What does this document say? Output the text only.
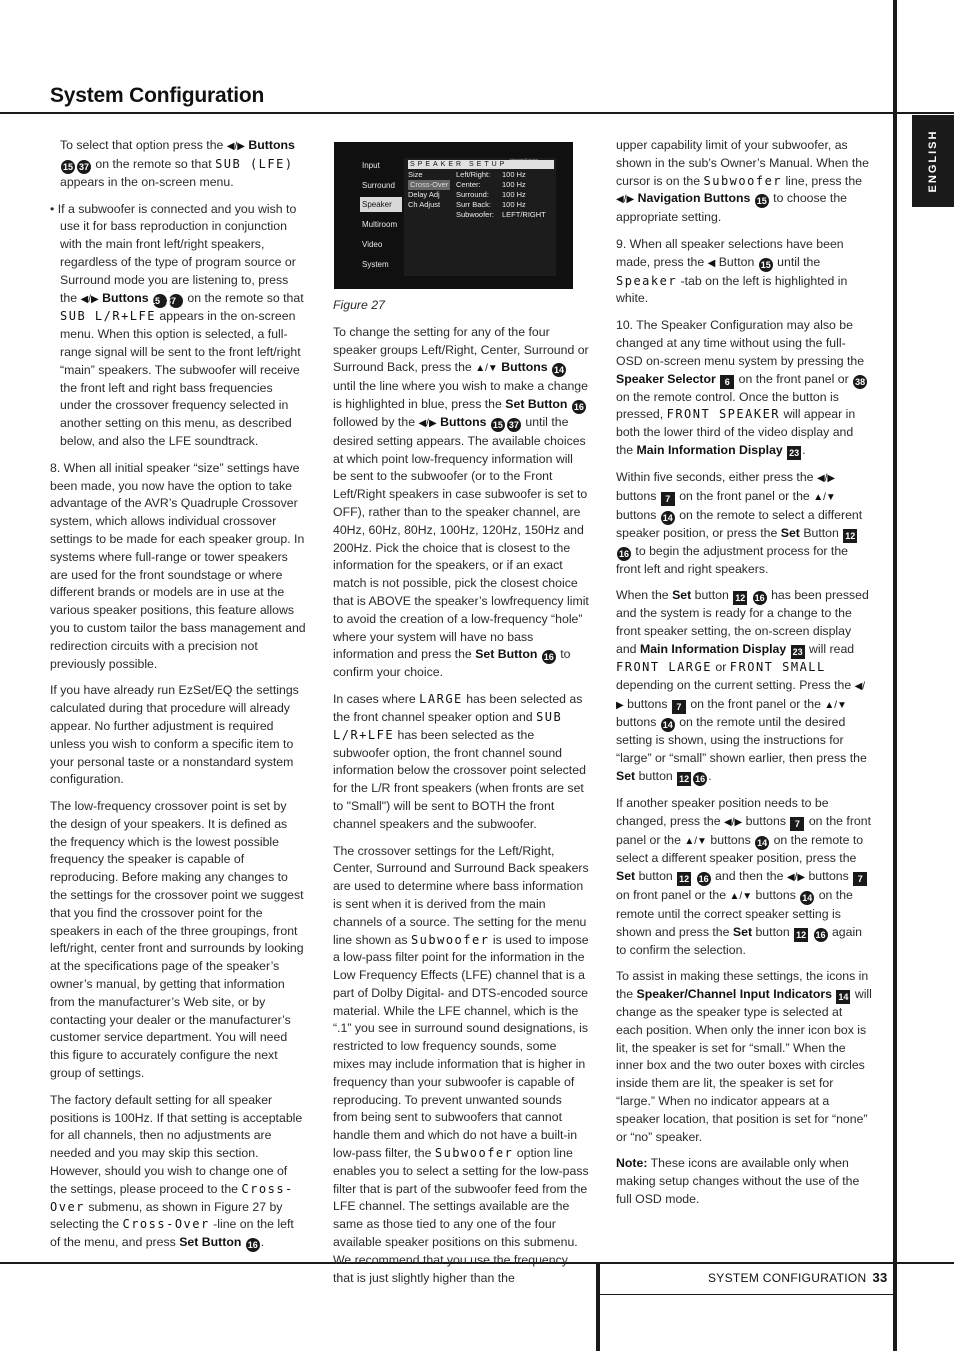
System Configuration
ENGLISH

To select that option press the ◀/▶ Buttons 15 37 on the remote so that SUB (LFE) appears in the on-screen menu.

• If a subwoofer is connected and you wish to use it for bass reproduction in conjunction with the main front left/right speakers, regardless of the type of program source or Surround mode you are listening to, press the ◀/▶ Buttons 15 37 on the remote so that SUB L/R+LFE appears in the on-screen menu. When this option is selected, a full-range signal will be sent to the front left/right “main” speakers. The subwoofer will receive the front left and right bass frequencies under the crossover frequency selected in another setting on this menu, as described below, and also the LFE soundtrack.

8. When all initial speaker “size” settings have been made, you now have the option to take advantage of the AVR’s Quadruple Crossover system, which allows individual crossover settings to be made for each speaker group. In systems where full-range or tower speakers are used for the front soundstage or where different brands or models are in use at the various speaker positions, this feature allows you to custom tailor the bass management and redirection circuits with a precision not previously possible.

If you have already run EzSet/EQ the settings calculated during that procedure will already appear. No further adjustment is required unless you wish to conform a specific item to your personal taste or a nonstandard system configuration.

The low-frequency crossover point is set by the design of your speakers. It is defined as the frequency which is the lowest possible frequency the speaker is capable of reproducing. Before making any changes to the settings for the crossover point we suggest that you find the crossover point for the speakers in each of the three groupings, front left/right, center front and surrounds by looking at the specifications page of the speaker’s owner’s manual, by getting that information from the manufacturer’s Web site, or by contacting your dealer or the manufacturer’s customer service department. You will need this figure to accurately configure the next group of settings.

The factory default setting for all speaker positions is 100Hz. If that setting is acceptable for all channels, then no adjustments are needed and you may skip this section. However, should you wish to change one of the settings, please proceed to the Cross-Over submenu, as shown in Figure 27 by selecting the Cross-Over -line on the left of the menu, and press Set Button 16 .

Input
Surround
Speaker
Multiroom
Video
System
SPEAKER SETUP
Size
Cross-Over
Delay Adj
Ch Adjust
Left/Right: 100 Hz
Center:	100 Hz
Surround: 100 Hz
Surr Back: 100 Hz
Subwoofer: LEFT/RIGHT

Figure 27

To change the setting for any of the four speaker groups Left/Right, Center, Surround or Surround Back, press the ▲/▼ Buttons 14 until the line where you wish to make a change is highlighted in blue, press the Set Button 16 followed by the ◀/▶ Buttons 15 37 until the desired setting appears. The available choices at which point low-frequency information will be sent to the subwoofer (or to the Front Left/Right speakers in case subwoofer is set to OFF), rather than to the speaker channel, are 40Hz, 60Hz, 80Hz, 100Hz, 120Hz, 150Hz and 200Hz. Pick the choice that is closest to the information for the speakers, or if an exact match is not possible, pick the closest choice that is ABOVE the speaker’s lowfrequency limit to avoid the creation of a low-frequency “hole” where your system will have no bass information and press the Set Button 16 to confirm your choice.

In cases where LARGE has been selected as the front channel speaker option and SUB L/R+LFE has been selected as the subwoofer option, the front channel sound information below the crossover point selected for the L/R front speakers (when fronts are set to "Small") will be sent to BOTH the front channel speakers and the subwoofer.

The crossover settings for the Left/Right, Center, Surround and Surround Back speakers are used to determine where bass information is sent when it is derived from the main channels of a source. The setting for the menu line shown as Subwoofer is used to impose a low-pass filter point for the information in the Low Frequency Effects (LFE) channel that is a part of Dolby Digital- and DTS-encoded source material. While the LFE channel, which is the “.1” you see in surround sound designations, is restricted to low frequency sounds, some mixes may include information that is higher in frequency than your subwoofer is capable of reproducing. To prevent unwanted sounds from being sent to subwoofers that cannot handle them and which do not have a built-in low-pass filter, the Subwoofer option line enables you to select a setting for the low-pass filter that is part of the subwoofer feed from the LFE channel. The settings available are the same as those tied to any one of the four available speaker positions on this submenu. We recommend that you use the frequency that is just slightly higher than the

upper capability limit of your subwoofer, as shown in the sub’s Owner’s Manual. When the cursor is on the Subwoofer line, press the ◀/▶ Navigation Buttons 15 to choose the appropriate setting.

9. When all speaker selections have been made, press the ◀ Button 15 until the Speaker -tab on the left is highlighted in white.

10. The Speaker Configuration may also be changed at any time without using the full-OSD on-screen menu system by pressing the Speaker Selector 6 on the front panel or 38 on the remote control. Once the button is pressed, FRONT SPEAKER will appear in both the lower third of the video display and the Main Information Display 23 .

Within five seconds, either press the ◀/▶ buttons 7 on the front panel or the ▲/▼ buttons 14 on the remote to select a different speaker position, or press the Set Button 1216 to begin the adjustment process for the front left and right speakers.

When the Set button 12 16 has been pressed and the system is ready for a change to the front speaker setting, the on-screen display and Main Information Display 23 will read FRONT LARGE or FRONT SMALL depending on the current setting. Press the ◀/▶ buttons 7 on the front panel or the ▲/▼ buttons 14 on the remote until the desired setting is shown, using the instructions for “large” or “small” shown earlier, then press the Set button 12 16 .

If another speaker position needs to be changed, press the ◀/▶ buttons 7 on the front panel or the ▲/▼ buttons 14 on the remote to select a different speaker position, press the Set button 12 16 and then the ◀/▶ buttons 7 on front panel or the ▲/▼ buttons 14 on the remote until the correct speaker setting is shown and press the Set button 12 16 again to confirm the selection.

To assist in making these settings, the icons in the Speaker/Channel Input Indicators 14 will change as the speaker type is selected at each position. When only the inner icon box is lit, the speaker is set for “small.” When the inner box and the two outer boxes with circles inside them are lit, the speaker is set for “large.” When no indicator appears at a speaker location, that position is set for “none” or “no” speaker.

Note: These icons are available only when making setup changes without the use of the full OSD mode.

SYSTEM CONFIGURATION 33
